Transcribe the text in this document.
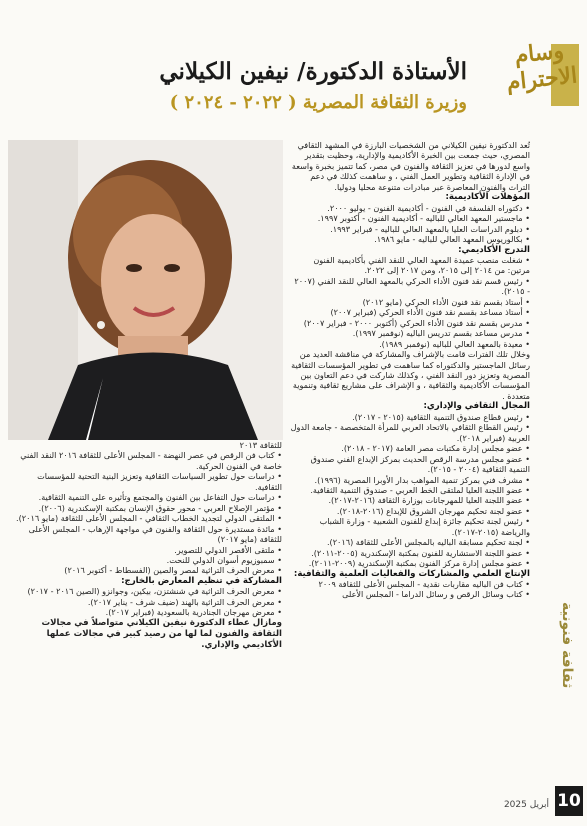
وسام
الاحترام
ثقافة فنونية
10
أبريل 2025
الأستاذة الدكتورة/ نيفين الكيلاني
وزيرة الثقافة المصرية ( ٢٠٢٢ - ٢٠٢٤ )

تُعد الدكتورة نيفين الكيلاني من الشخصيات البارزة في المشهد الثقافي المصري، حيث جمعت بين الخبرة الأكاديمية والإدارية، وحظيت بتقدير واسع لدورها في تعزيز الثقافة والفنون في مصر، كما تتميز بخبرة واسعة في الإدارة الثقافية وتطوير العمل الفني ، و ساهمت كذلك في دعم التراث والفنون المعاصرة عبر مبادرات متنوعة محليا ودوليا.

المؤهلات الأكاديمية:

• دكتوراه الفلسفة في الفنون - أكاديمية الفنون - يوليو ٢٠٠٠.

• ماجستير المعهد العالي للباليه - أكاديمية الفنون - أكتوبر ١٩٩٧.

• دبلوم الدراسات العليا بالمعهد العالي للباليه - فبراير ١٩٩٣.

• بكالوريوس المعهد العالي للباليه - مايو ١٩٨٦.

التدرج الأكاديمي:

• شغلت منصب عميدة المعهد العالي للنقد الفني بأكاديمية الفنون مرتين: من ٢٠١٤ إلى ٢٠١٥، ومن ٢٠١٧ إلى ٢٠٢٢.

• رئيس قسم نقد فنون الأداء الحركي بالمعهد العالي للنقد الفني (٢٠٠٧ - ٢٠١٥).

• أستاذ بقسم نقد فنون الأداء الحركي (مايو ٢٠١٢)

• أستاذ مساعد بقسم نقد فنون الأداء الحركي (فبراير ٢٠٠٧)

• مدرس بقسم نقد فنون الأداء الحركي (أكتوبر ٢٠٠٠ - فبراير ٢٠٠٧)

• مدرس مساعد بقسم تدريس الباليه (نوفمبر ١٩٩٧).

• معيدة بالمعهد العالي للباليه (نوفمبر ١٩٨٩).

وخلال تلك الفترات قامت بالإشراف والمشاركة في مناقشة العديد من رسائل الماجستير والدكتوراه كما ساهمت في تطوير المؤسسات الثقافية المصرية وتعزيز دور النقد الفني ، وكذلك شاركت في دعم التعاون بين المؤسسات الأكاديمية والثقافية ، و الإشراف على مشاريع ثقافية وتنموية متعددة .

المجال الثقافي والإداري:

• رئيس قطاع صندوق التنمية الثقافية (٢٠١٥ - ٢٠١٧).

• رئيس القطاع الثقافي بالاتحاد العربي للمرأة المتخصصة - جامعة الدول العربية (فبراير ٢٠١٨).

• عضو مجلس إدارة مكتبات مصر العامة (٢٠١٧ - ٢٠١٨).

• عضو مجلس مدرسة الرقص الحديث بمركز الإبداع الفني صندوق التنمية الثقافية (٢٠٠٤ - ٢٠١٥).

• مشرف فني بمركز تنمية المواهب بدار الأوبرا المصرية (١٩٩٦).

• عضو اللجنة العليا لملتقى الخط العربي - صندوق التنمية الثقافية.

• عضو اللجنة العليا للمهرجانات بوزارة الثقافة (٢٠١٦-٢٠١٧).

• عضو لجنة تحكيم مهرجان الشروق للإبداع (٢٠١٦-٢٠١٨).

• رئيس لجنة تحكيم جائزة إبداع للفنون الشعبية - وزارة الشباب والرياضة (٢٠١٥-٢٠١٧).

• لجنة تحكيم مسابقة الباليه بالمجلس الأعلى للثقافة (٢٠١٦).

• عضو اللجنة الاستشارية للفنون بمكتبة الإسكندرية (٢٠٠٥-٢٠١١).

• عضو مجلس إدارة مركز الفنون بمكتبة الإسكندرية (٢٠٠٩-٢٠١١).

الإنتاج العلمي والمشاركات والفعاليات العلمية والثقافية:

• كتاب فن الباليه مقاربات نقدية - المجلس الأعلى للثقافة ٢٠٠٩

• كتاب وسائل الرقص و رسائل الدراما - المجلس الأعلى

للثقافة ٢٠١٣

• كتاب فن الرقص في عصر النهضة - المجلس الأعلى للثقافة ٢٠١٦ النقد الفني خاصة في الفنون الحركية.

• دراسات حول تطوير السياسات الثقافية وتعزيز البنية التحتية للمؤسسات الثقافية.

• دراسات حول التفاعل بين الفنون والمجتمع وتأثيره على التنمية الثقافية.

• مؤتمر الإصلاح العربي - محور حقوق الإنسان بمكتبة الإسكندرية (٢٠٠٦).

• الملتقى الدولي لتجديد الخطاب الثقافي - المجلس الأعلى للثقافة (مايو ٢٠١٦).

• مائدة مستديرة حول الثقافة والفنون في مواجهة الإرهاب - المجلس الأعلى للثقافة (مايو ٢٠١٧)

• ملتقى الأقصر الدولي للتصوير.

• سمبوزيوم أسوان الدولي للنحت.

• معرض الحرف التراثية لمصر والصين (الفسطاط - أكتوبر ٢٠١٦)

المشاركة في تنظيم المعارض بالخارج:

• معرض الحرف التراثية في شنشتزن، بيكين، وجوانزو (الصين ٢٠١٦ - ٢٠١٧)

• معرض الحرف التراثية بالهند (ضيف شرف - يناير ٢٠١٧).

• معرض مهرجان الجنادرية بالسعودية (فبراير ٢٠١٧).

ومازال عطاء الدكتورة نيفين الكيلاني متواصلاً في مجالات الثقافة والفنون لما لها من رصيد كبير في مجالات عملها الأكاديمي والإداري.
